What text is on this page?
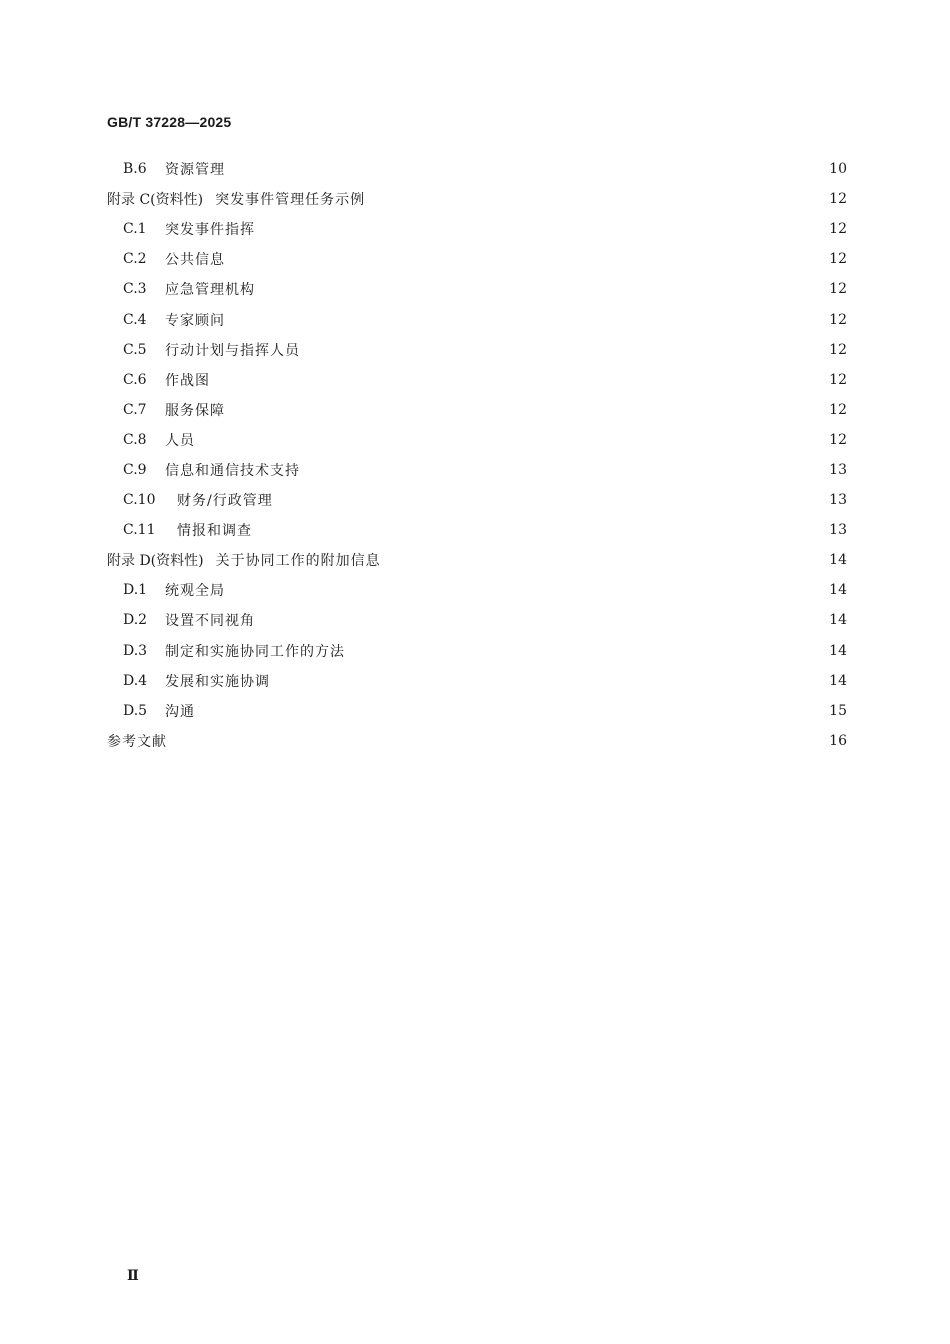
GB/T 37228—2025
B.6	资源管理	10
附录 C(资料性) 突发事件管理任务示例	12
C.1	突发事件指挥	12
C.2	公共信息	12
C.3	应急管理机构	12
C.4	专家顾问	12
C.5	行动计划与指挥人员	12
C.6	作战图	12
C.7	服务保障	12
C.8	人员	12
C.9	信息和通信技术支持	13
C.10	财务/行政管理	13
C.11	情报和调查	13
附录 D(资料性) 关于协同工作的附加信息	14
D.1	统观全局	14
D.2	设置不同视角	14
D.3	制定和实施协同工作的方法	14
D.4	发展和实施协调	14
D.5	沟通	15
参考文献	16
Ⅱ
